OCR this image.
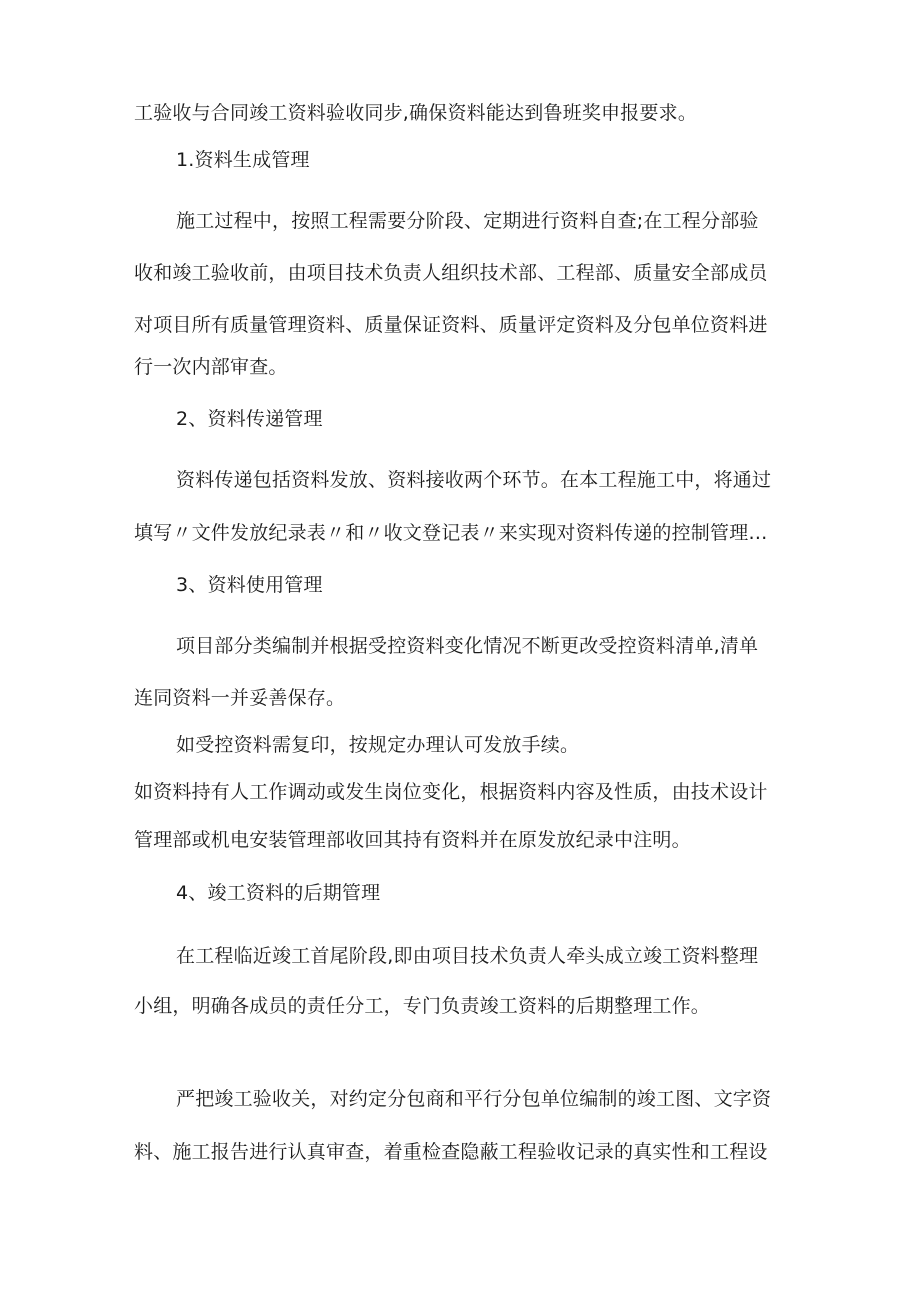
工验收与合同竣工资料验收同步,确保资料能达到鲁班奖申报要求。
1.资料生成管理
施工过程中，按照工程需要分阶段、定期进行资料自查;在工程分部验
收和竣工验收前，由项目技术负责人组织技术部、工程部、质量安全部成员
对项目所有质量管理资料、质量保证资料、质量评定资料及分包单位资料进
行一次内部审查。
2、资料传递管理
资料传递包括资料发放、资料接收两个环节。在本工程施工中，将通过
填写〃文件发放纪录表〃和〃收文登记表〃来实现对资料传递的控制管理…
3、资料使用管理
项目部分类编制并根据受控资料变化情况不断更改受控资料清单,清单
连同资料一并妥善保存。
如受控资料需复印，按规定办理认可发放手续。
如资料持有人工作调动或发生岗位变化，根据资料内容及性质，由技术设计
管理部或机电安装管理部收回其持有资料并在原发放纪录中注明。
4、竣工资料的后期管理
在工程临近竣工首尾阶段,即由项目技术负责人牵头成立竣工资料整理
小组，明确各成员的责任分工，专门负责竣工资料的后期整理工作。
严把竣工验收关，对约定分包商和平行分包单位编制的竣工图、文字资
料、施工报告进行认真审查，着重检查隐蔽工程验收记录的真实性和工程设
